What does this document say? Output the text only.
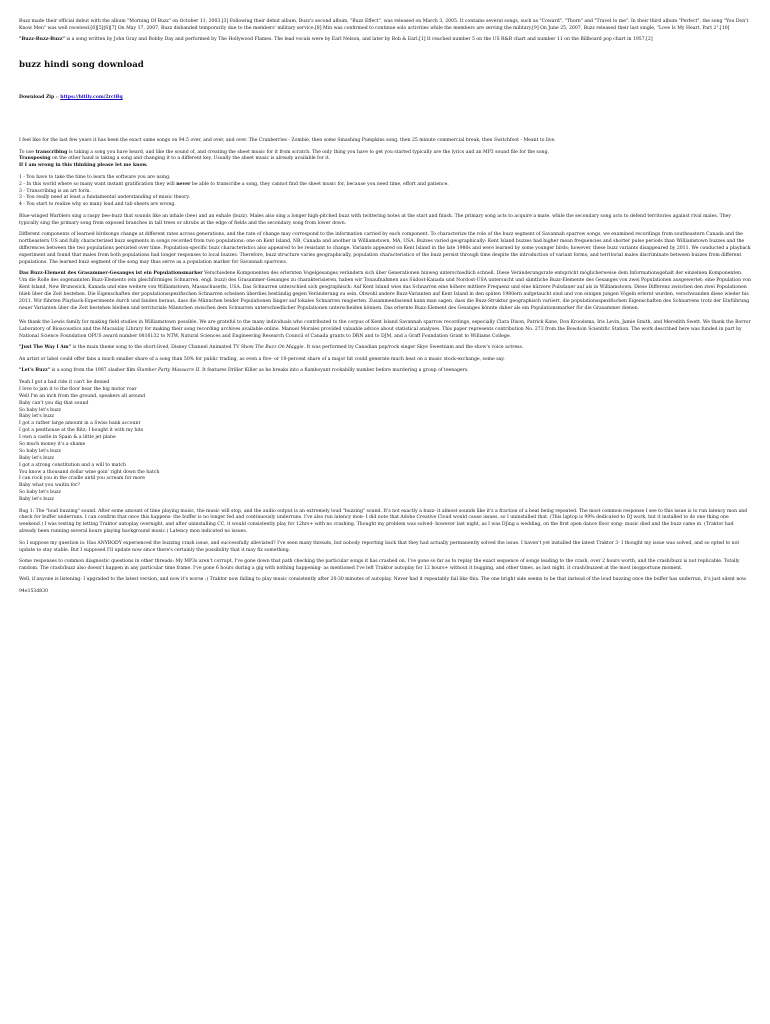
Buzz made their official debut with the album "Morning Of Buzz" on October 11, 2003.[3] Following their debut album, Buzz's second album, "Buzz Effect", was released on March 3, 2005. It contains several songs, such as "Coward", "Thorn" and "Travel to me". In their third album "Perfect", the song "You Don't Know Men" was well received.[6][5][6][7] On May 17, 2007, Buzz disbanded temporarily due to the members' military service.[8] Min was confirmed to continue solo activities while the members are serving the military.[9] On June 25, 2007, Buzz released their last single, "Love Is My Heart, Part 2".[10]

"Buzz-Buzz-Buzz" is a song written by John Gray and Bobby Day and performed by The Hollywood Flames. The lead vocals were by Earl Nelson, and later by Bob & Earl.[1] It reached number 5 on the US R&B chart and number 11 on the Billboard pop chart in 1957.[2]

buzz hindi song download
Download Zip :: https://bltlly.com/2rciBq

I feel like for the last few years it has been the exact same songs on 94.5 over, and over, and over. The Cranberries - Zombie, then some Smashing Pumpkins song, then 25 minute commercial break, then Switchfoot - Meant to live.

To use transcribing is taking a song you have heard, and like the sound of, and creating the sheet music for it from scratch. The only thing you have to get you started typically are the lyrics and an MP3 sound file for the song.
Transposing on the other hand is taking a song and changing it to a different key. Usually the sheet music is already available for it.
If I am wrong in this thinking please let me know.

1 - You have to take the time to learn the software you are using.
2 - In this world where so many want instant gratification they will never be able to transcribe a song, they cannot find the sheet music for, because you need time, effort and patience.
3 - Transcribing is an art form.
3 - You really need at least a fundamental understanding of music theory.
4 - You start to realize why so many lead and tab sheets are wrong.

Blue-winged Warblers sing a raspy bee-buzz that sounds like an inhale (bee) and an exhale (buzz). Males also sing a longer high-pitched buzz with twittering notes at the start and finish. The primary song acts to acquire a mate, while the secondary song acts to defend territories against rival males. They typically sing the primary song from exposed branches in tall trees or shrubs at the edge of fields and the secondary song from lower down.

Different components of learned birdsongs change at different rates across generations, and the rate of change may correspond to the information carried by each component. To characterize the role of the buzz segment of Savannah sparrow songs, we examined recordings from southeastern Canada and the northeastern US and fully characterized buzz segments in songs recorded from two populations: one on Kent Island, NB, Canada and another in Williamstown, MA, USA. Buzzes varied geographically: Kent Island buzzes had higher mean frequencies and shorter pulse periods than Williamstown buzzes and the differences between the two populations persisted over time. Population-specific buzz characteristics also appeared to be resistant to change. Variants appeared on Kent Island in the late 1980s and were learned by some younger birds; however, these buzz variants disappeared by 2011. We conducted a playback experiment and found that males from both populations had longer responses to local buzzes. Therefore, buzz structure varies geographically, population characteristics of the buzz persist through time despite the introduction of variant forms; and territorial males discriminate between buzzes from different populations. The learned buzz segment of the song may thus serve as a population marker for Savannah sparrows.

Das Buzz-Element des Grasammer-Gesanges ist ein Populationsmarker Verschiedene Komponenten des erlernten Vogelgesanges verändern sich über Generationen hinweg unterschiedlich schnell. Diese Veränderungsrate entspricht möglicherweise dem Informationsgehalt der einzelnen Komponenten. Um die Rolle des sogenannten Buzz-Elements (ein gleichförmiges Schnarren, engl. buzz) des Grasammer-Gesanges zu charakterisieren, haben wir Tonaufnahmen aus Südost-Kanada und Nordost-USA untersucht und sämtliche Buzz-Elemente des Gesanges von zwei Populationen ausgewertet: eine Population von Kent Island, New Brunswick, Kanada und eine weitere von Williamstown, Massachusetts, USA. Das Schnarren unterschied sich geographisch: Auf Kent Island wies das Schnarren eine höhere mittlere Frequenz und eine kürzere Pulsdauer auf als in Williamstown. Diese Differenz zwischen den zwei Populationen blieb über die Zeit bestehen. Die Eigenschaften der populationsspezifischen Schnarren scheinen überdies beständig gegen Veränderung zu sein. Obwohl andere Buzz-Varianten auf Kent Island in den späten 1980ern aufgetaucht sind und von einigen jungen Vögeln erlernt wurden, verschwanden diese wieder bis 2011. Wir führten Playback-Experimente durch und fanden heraus, dass die Männchen beider Populationen länger auf lokales Schnarren reagierten. Zusammenfassend kann man sagen, dass die Buzz-Struktur geographisch variiert, die populationsspezifischen Eigenschaften des Schnarrens trotz der Einführung neuer Varianten über die Zeit bestehen bleiben und territoriale Männchen zwischen dem Schnarren unterschiedlicher Populationen unterscheiden können. Das erlernte Buzz-Element des Gesanges könnte daher als ein Populationsmarker für die Grasammer dienen.

We thank the Lewis family for making field studies in Williamstown possible. We are grateful to the many individuals who contributed to the corpus of Kent Island Savannah sparrow recordings, especially Clara Dixon, Patrick Kane, Don Kroodsma, Iris Levin, Jamie Smith, and Meredith Swett. We thank the Borror Laboratory of Bioacoustics and the Macaulay Library for making their song recording archives available online. Manuel Morales provided valuable advice about statistical analyses. This paper represents contribution No. 273 from the Bowdoin Scientific Station. The work described here was funded in part by National Science Foundation OPUS award number 0816132 to NTW, Natural Sciences and Engineering Research Council of Canada grants to DRN and to DJM, and a Graff Foundation Grant to Williams College.

"Just The Way I Am" is the main theme song to the short-lived, Disney Channel Animated TV Show The Buzz On Maggie. It was performed by Canadian pop/rock singer Skye Sweetnam and the show's voice actress.

An artist or label could offer fans a much smaller share of a song than 50% for public trading, as even a five- or 10-percent share of a major hit could generate much heat on a music stock-exchange, some say.

"Let's Buzz" is a song from the 1987 slasher film Slumber Party Massacre II. It features Driller Killer as he breaks into a flamboyant rockabilly number before murdering a group of teenagers.

Yeah I got a bad ride it can't be denied
I love to jam it to the floor hear the big motor roar
Well I'm an inch from the ground, speakers all around
Baby can't you dig that sound
So baby let's buzz
Baby let's buzz
I got a rather large amount in a Swiss bank account
I got a penthouse at the Ritz; I bought it with my hits
I own a castle in Spain & a little jet plane
So much money it's a shame
So baby let's buzz
Baby let's buzz
I got a strong constitution and a will to match
You know a thousand dollar wine goin' right down the hatch
I can rock you in the cradle until you scream for more
Baby what you waitin for?
So baby let's buzz
Baby let's buzz

Bug 1: The "loud buzzing" sound. After some amount of time playing music, the music will stop, and the audio output is an extremely loud "buzzing" sound. It's not exactly a buzz- it almost sounds like it's a fraction of a beat being repeated. The most common response I see to this issue is to run latency mon and check for buffer underruns. I can confirm that once this happens- the buffer is no longer fed and continuously underruns. I've also run latency mon- I did note that Adobe Creative Cloud would cause issues, so I uninstalled that. (This laptop is 99% dedicated to DJ work, but it installed to do one thing one weekend.) I was testing by letting Traktor autoplay overnight, and after uninstalling CC, it would consistently play for 12hrs+ with no crashing. Thought my problem was solved- however last night, as I was DJing a wedding, on the first open dance floor song- music died and the buzz came in. (Traktor had already been running several hours playing background music.) Latency mon indicated no issues.

So I suppose my question is: Has ANYBODY experienced the buzzing crash issue, and successfully alleviated? I've seen many threads, but nobody reporting back that they had actually permanently solved the issue. I haven't yet installed the latest Traktor 3- I thought my issue was solved, and so opted to not update to stay stable. But I supposed I'll update now since there's certainly the possibility that it may fix something.

Some responses to common diagnostic questions in other threads: My MP3s aren't corrupt, I've gone down that path checking the particular songs it has crashed on. I've gone so far as to replay the exact sequence of songs leading to the crash, over 2 hours worth, and the crash/buzz is not replicable. Totally random. The crash/buzz also doesn't happen in any particular time frame. I've gone 6 hours during a gig with nothing happening- as mentioned I've left Traktor autoplay for 12 hours+ without it bugging, and other times, as last night, it crash/buzzed at the most inopportune moment.

Well, if anyone is listening- I upgraded to the latest version, and now it's worse :) Traktor now failing to play music consistently after 20-30 minutes of autoplay. Never had it repeatably fail like this. The one bright side seems to be that instead of the loud buzzing once the buffer has underrun, it's just silent now.

94e153d830
